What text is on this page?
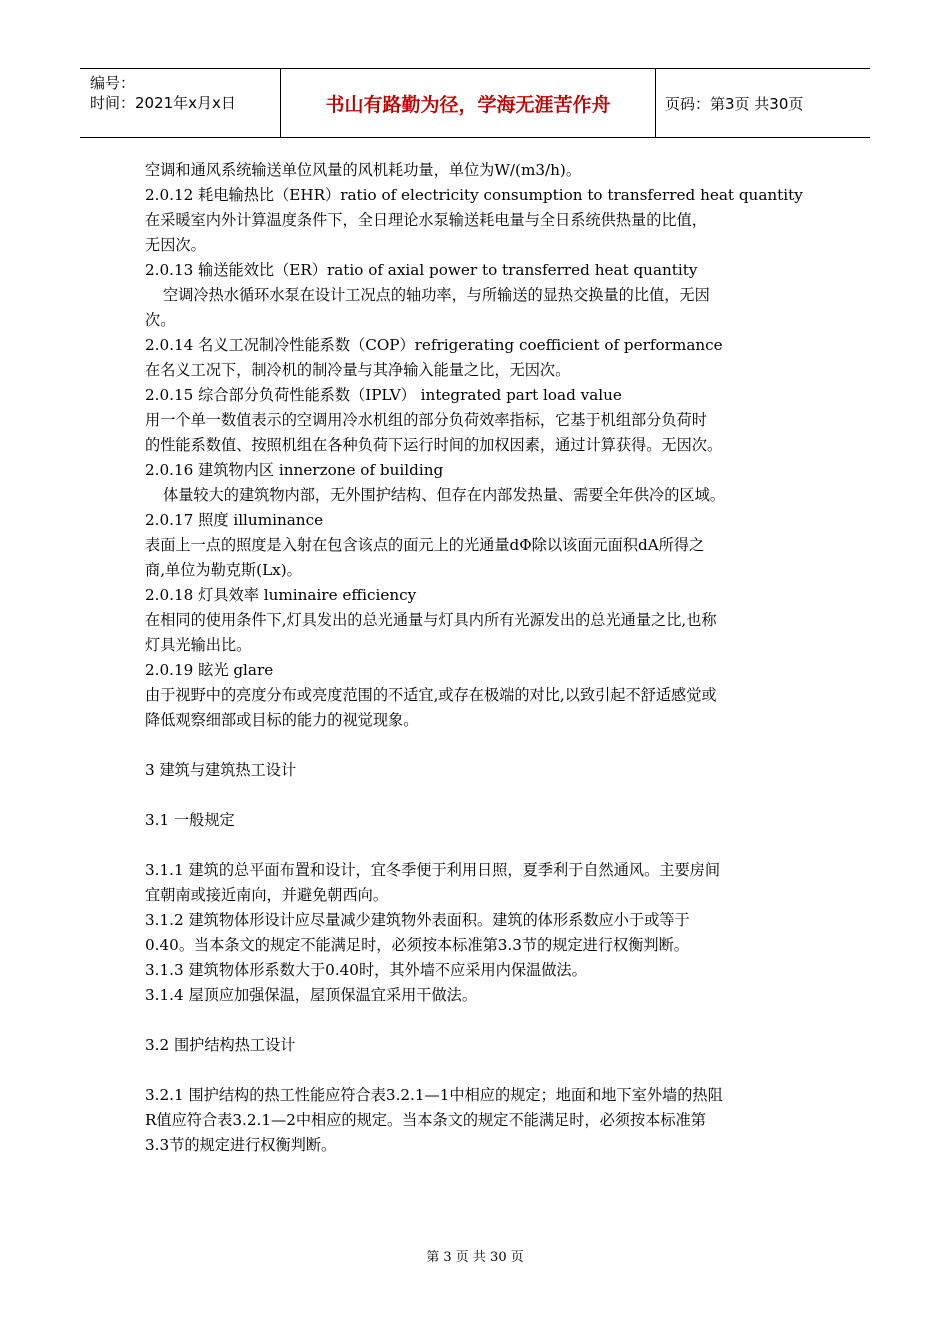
编号：
时间：2021年x月x日	书山有路勤为径，学海无涯苦作舟	页码：第3页 共30页
空调和通风系统输送单位风量的风机耗功量，单位为W/(m3/h)。
2.0.12 耗电输热比（EHR）ratio of electricity consumption to transferred heat quantity
在采暖室内外计算温度条件下，全日理论水泵输送耗电量与全日系统供热量的比值，
无因次。
2.0.13 输送能效比（ER）ratio of axial power to transferred heat quantity
空调冷热水循环水泵在设计工况点的轴功率，与所输送的显热交换量的比值，无因
次。
2.0.14 名义工况制冷性能系数（COP）refrigerating coefficient of performance
在名义工况下，制冷机的制冷量与其净输入能量之比，无因次。
2.0.15 综合部分负荷性能系数（IPLV） integrated part load value
用一个单一数值表示的空调用冷水机组的部分负荷效率指标，它基于机组部分负荷时
的性能系数值、按照机组在各种负荷下运行时间的加权因素，通过计算获得。无因次。
2.0.16 建筑物内区 innerzone of building
体量较大的建筑物内部，无外围护结构、但存在内部发热量、需要全年供冷的区域。
2.0.17 照度 illuminance
表面上一点的照度是入射在包含该点的面元上的光通量dΦ除以该面元面积dA所得之
商,单位为勒克斯(Lx)。
2.0.18 灯具效率 luminaire efficiency
在相同的使用条件下,灯具发出的总光通量与灯具内所有光源发出的总光通量之比,也称
灯具光输出比。
2.0.19 眩光 glare
由于视野中的亮度分布或亮度范围的不适宜,或存在极端的对比,以致引起不舒适感觉或
降低观察细部或目标的能力的视觉现象。
3 建筑与建筑热工设计
3.1 一般规定
3.1.1 建筑的总平面布置和设计，宜冬季便于利用日照，夏季利于自然通风。主要房间
宜朝南或接近南向，并避免朝西向。
3.1.2 建筑物体形设计应尽量减少建筑物外表面积。建筑的体形系数应小于或等于
0.40。当本条文的规定不能满足时，必须按本标准第3.3节的规定进行权衡判断。
3.1.3 建筑物体形系数大于0.40时，其外墙不应采用内保温做法。
3.1.4 屋顶应加强保温，屋顶保温宜采用干做法。
3.2 围护结构热工设计
3.2.1 围护结构的热工性能应符合表3.2.1—1中相应的规定；地面和地下室外墙的热阻
R值应符合表3.2.1—2中相应的规定。当本条文的规定不能满足时，必须按本标准第
3.3节的规定进行权衡判断。
第 3 页 共 30 页
